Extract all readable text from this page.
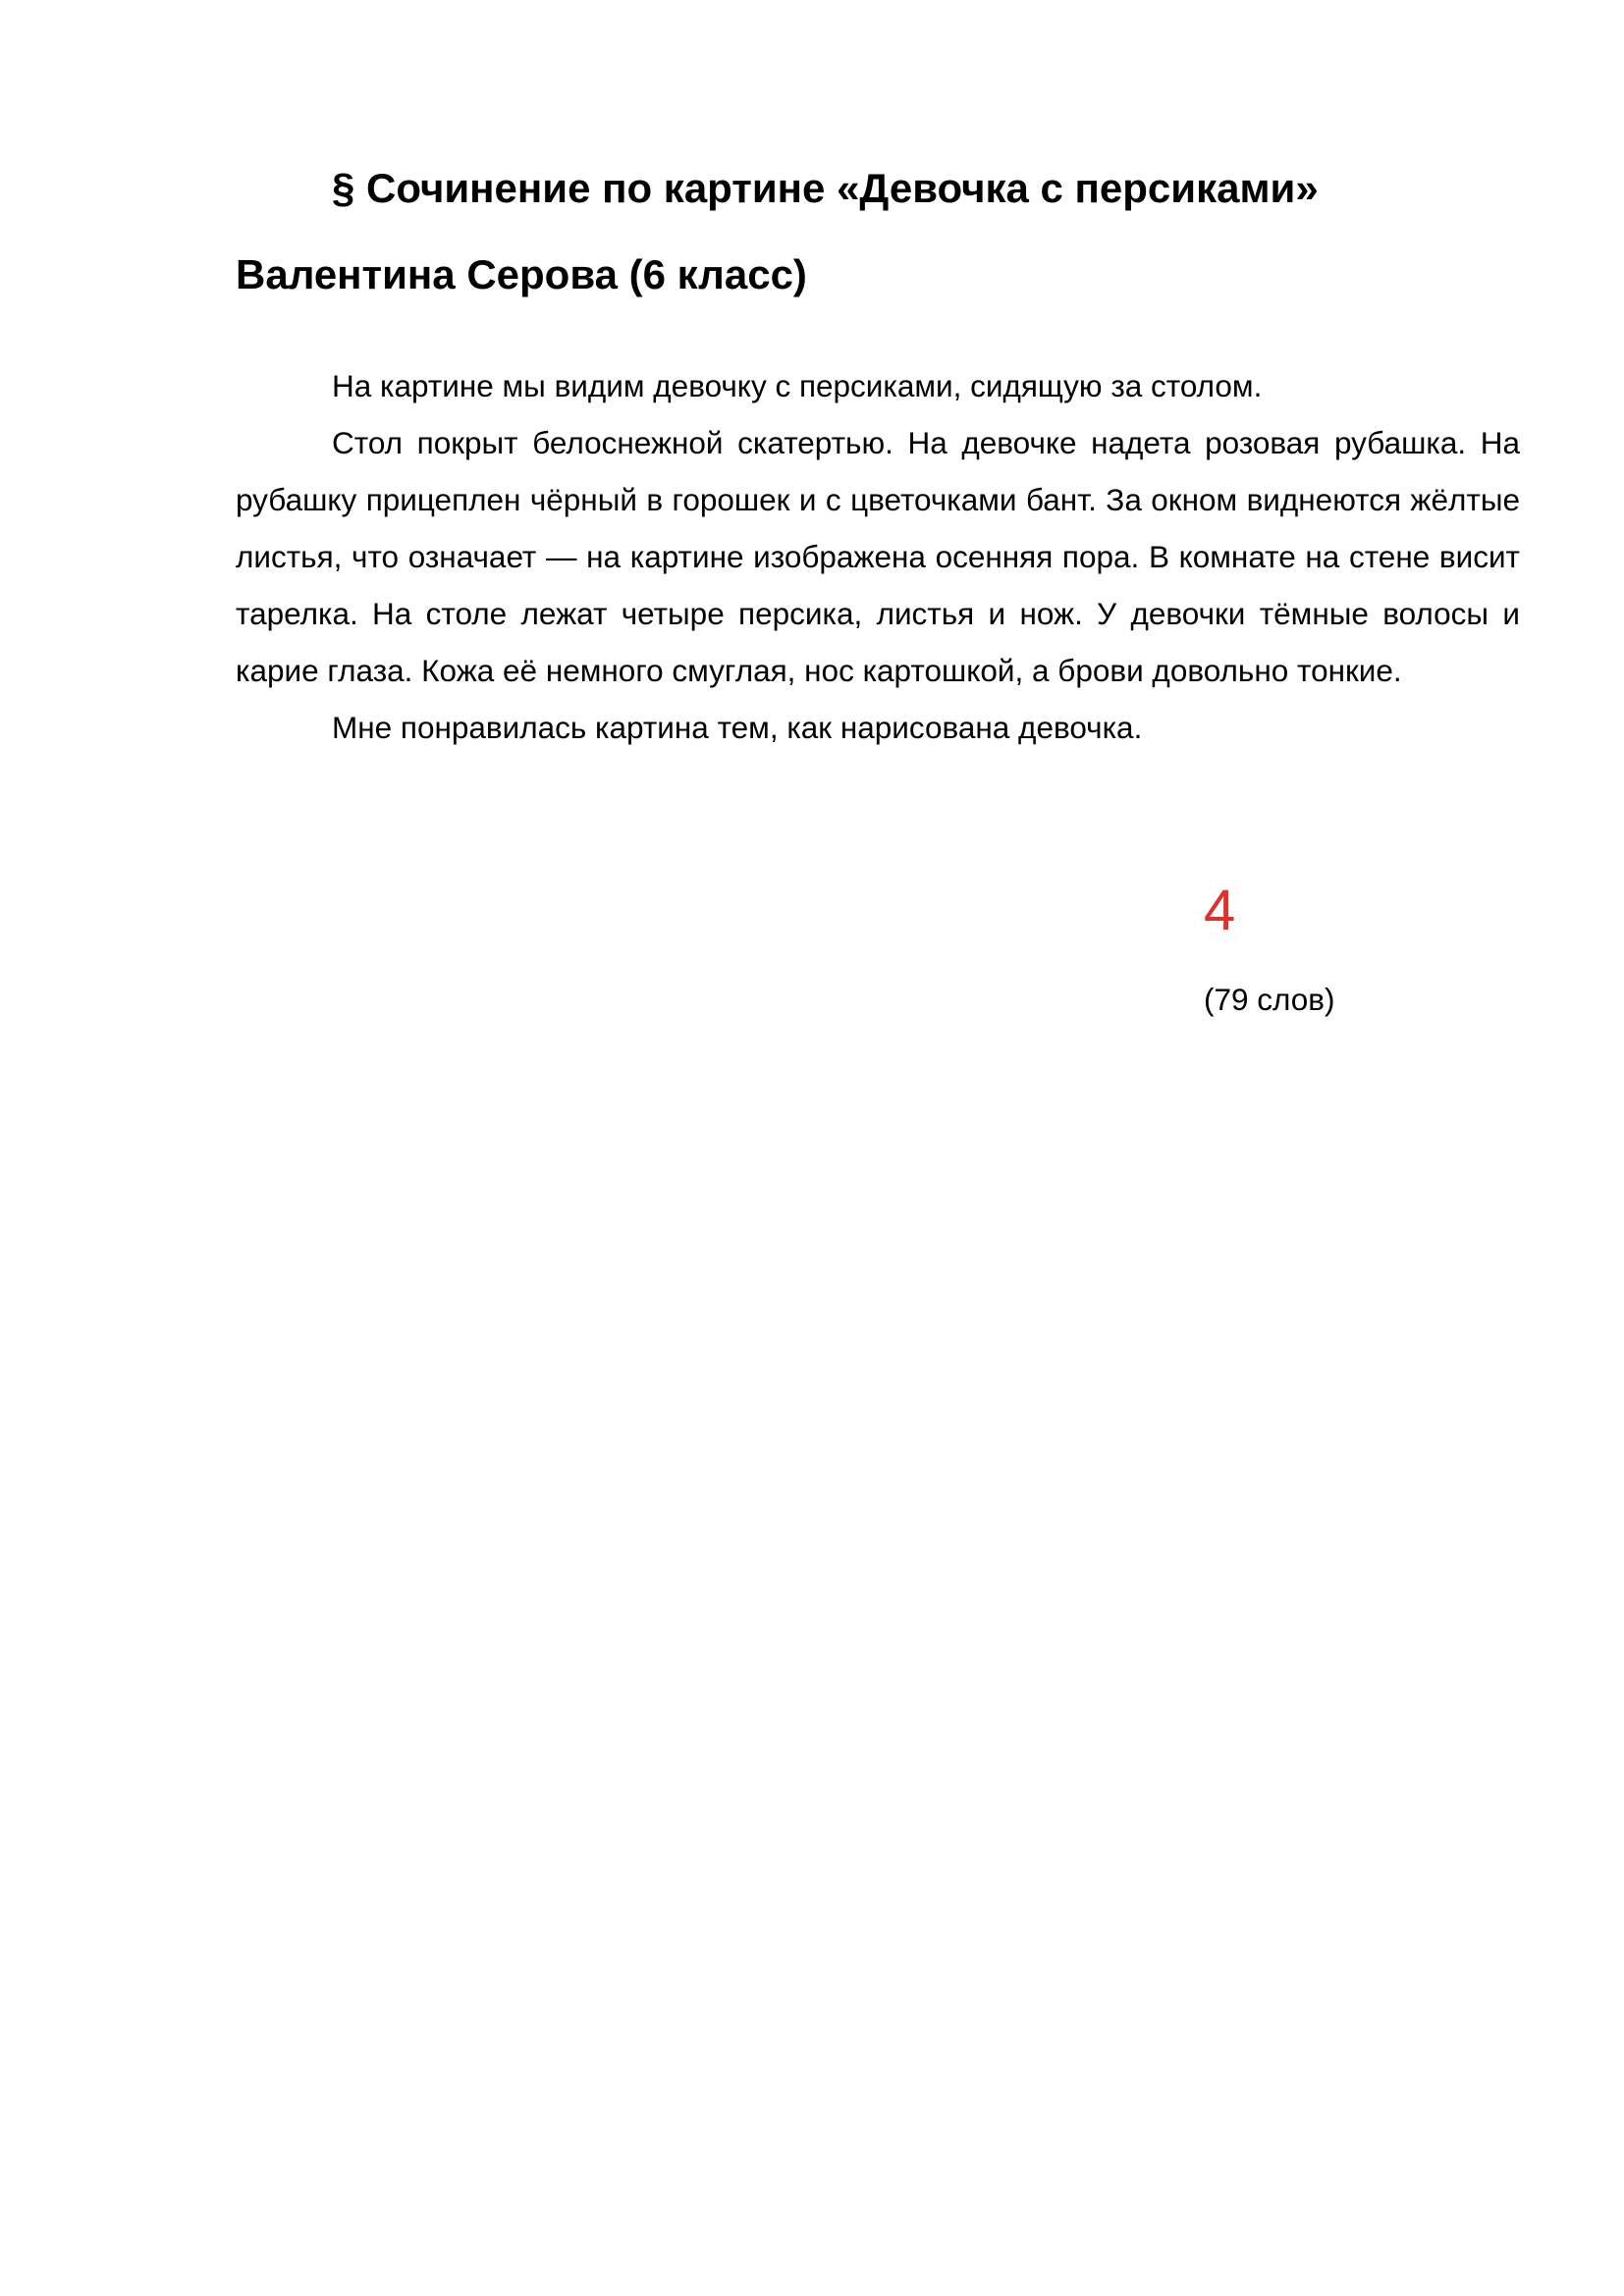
§ Сочинение по картине «Девочка с персиками» Валентина Серова (6 класс)

На картине мы видим девочку с персиками, сидящую за столом.

Стол покрыт белоснежной скатертью. На девочке надета розовая рубашка. На рубашку прицеплен чёрный в горошек и с цветочками бант. За окном виднеются жёлтые листья, что означает — на картине изображена осенняя пора. В комнате на стене висит тарелка. На столе лежат четыре персика, листья и нож. У девочки тёмные волосы и карие глаза. Кожа её немного смуглая, нос картошкой, а брови довольно тонкие.

Мне понравилась картина тем, как нарисована девочка.

4
(79 слов)
